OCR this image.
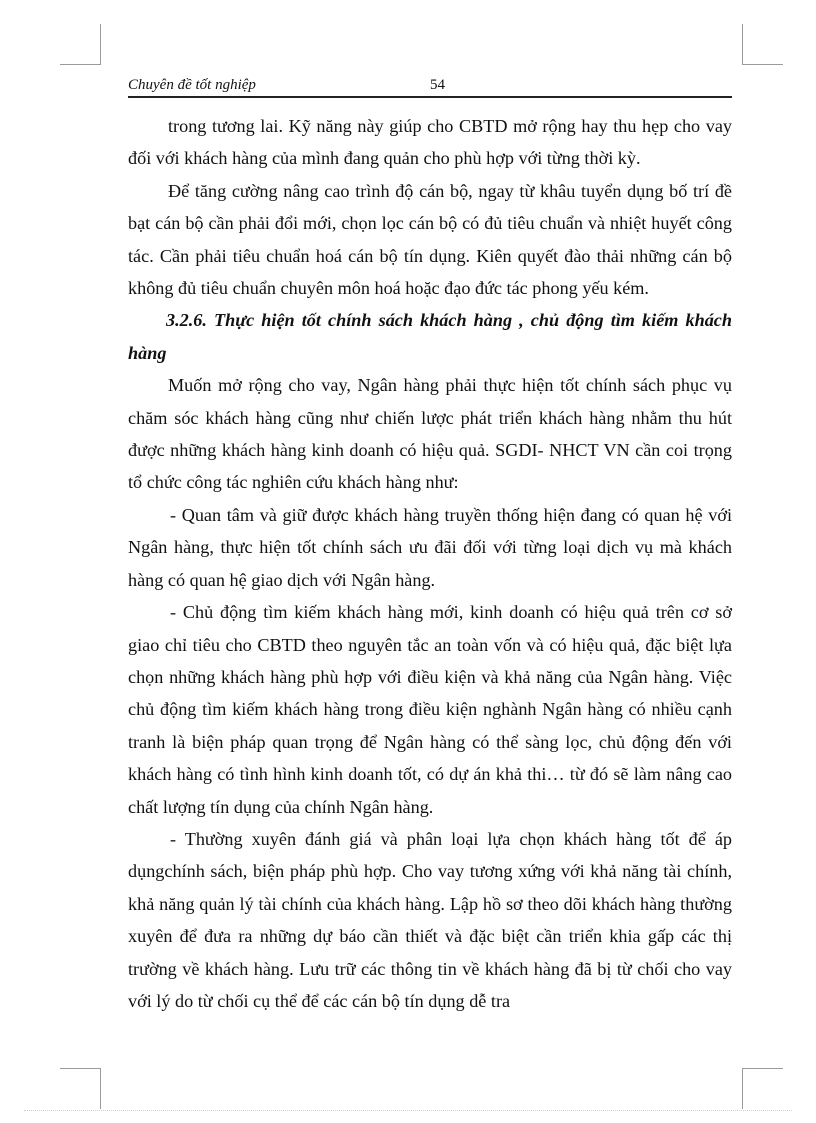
Chuyên đề tốt nghiệp	54

trong tương lai. Kỹ năng này giúp cho CBTD mở rộng hay thu hẹp cho vay đối với khách hàng của mình đang quản cho phù hợp với từng thời kỳ.

Để tăng cường nâng cao trình độ cán bộ, ngay từ khâu tuyển dụng bố trí đề bạt cán bộ cần phải đổi mới, chọn lọc cán bộ có đủ tiêu chuẩn và nhiệt huyết công tác. Cần phải tiêu chuẩn hoá cán bộ tín dụng. Kiên quyết đào thải những cán bộ không đủ tiêu chuẩn chuyên môn hoá hoặc đạo đức tác phong yếu kém.

3.2.6. Thực hiện tốt chính sách khách hàng , chủ động tìm kiếm khách hàng

Muốn mở rộng cho vay, Ngân hàng phải thực hiện tốt chính sách phục vụ chăm sóc khách hàng cũng như chiến lược phát triển khách hàng nhằm thu hút được những khách hàng kinh doanh có hiệu quả. SGDI- NHCT VN cần coi trọng tổ chức công tác nghiên cứu khách hàng như:

- Quan tâm và giữ được khách hàng truyền thống hiện đang có quan hệ với Ngân hàng, thực hiện tốt chính sách ưu đãi đối với từng loại dịch vụ mà khách hàng có quan hệ giao dịch với Ngân hàng.

- Chủ động tìm kiếm khách hàng mới, kinh doanh có hiệu quả trên cơ sở giao chỉ tiêu cho CBTD theo nguyên tắc an toàn vốn và có hiệu quả, đặc biệt lựa chọn những khách hàng phù hợp với điều kiện và khả năng của Ngân hàng. Việc chủ động tìm kiếm khách hàng trong điều kiện nghành Ngân hàng có nhiều cạnh tranh là biện pháp quan trọng để Ngân hàng có thể sàng lọc, chủ động đến với khách hàng có tình hình kinh doanh tốt, có dự án khả thi… từ đó sẽ làm nâng cao chất lượng tín dụng của chính Ngân hàng.

- Thường xuyên đánh giá và phân loại lựa chọn khách hàng tốt để áp dụngchính sách, biện pháp phù hợp. Cho vay tương xứng với khả năng tài chính, khả năng quản lý tài chính của khách hàng. Lập hồ sơ theo dõi khách hàng thường xuyên để đưa ra những dự báo cần thiết và đặc biệt cần triển khia gấp các thị trường về khách hàng. Lưu trữ các thông tin về khách hàng đã bị từ chối cho vay với lý do từ chối cụ thể để các cán bộ tín dụng dễ tra
